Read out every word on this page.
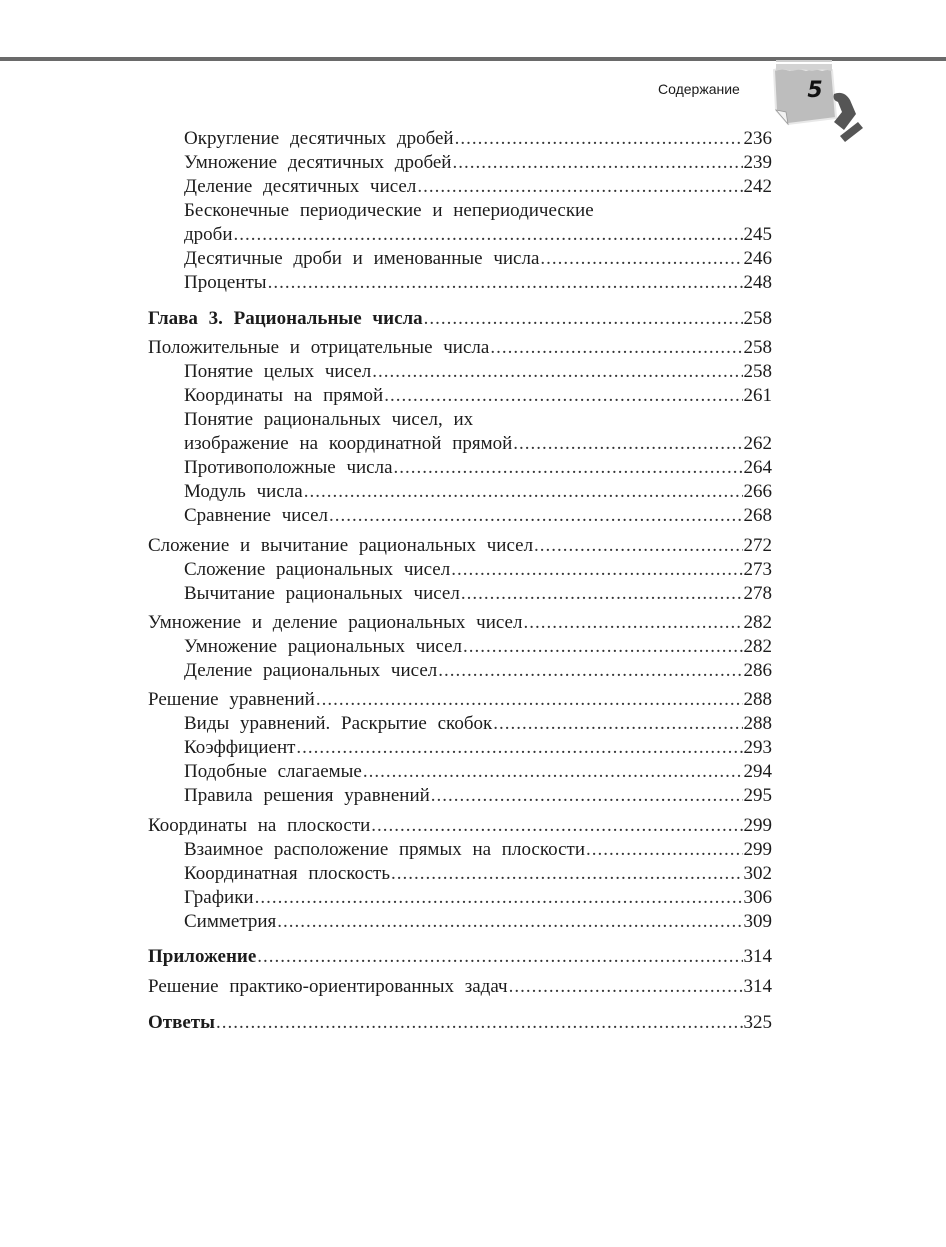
Содержание	5
Округление десятичных дробей .....	236
Умножение десятичных дробей .....	239
Деление десятичных чисел .....	242
Бесконечные периодические и непериодические
дроби .....	245
Десятичные дроби и именованные числа .....	246
Проценты .....	248
Глава 3. Рациональные числа .....	258
Положительные и отрицательные числа .....	258
Понятие целых чисел .....	258
Координаты на прямой .....	261
Понятие рациональных чисел, их
изображение на координатной прямой .....	262
Противоположные числа .....	264
Модуль числа .....	266
Сравнение чисел .....	268
Сложение и вычитание рациональных чисел .....	272
Сложение рациональных чисел .....	273
Вычитание рациональных чисел .....	278
Умножение и деление рациональных чисел .....	282
Умножение рациональных чисел .....	282
Деление рациональных чисел .....	286
Решение уравнений .....	288
Виды уравнений. Раскрытие скобок .....	288
Коэффициент .....	293
Подобные слагаемые .....	294
Правила решения уравнений .....	295
Координаты на плоскости .....	299
Взаимное расположение прямых на плоскости .....	299
Координатная плоскость .....	302
Графики .....	306
Симметрия .....	309
Приложение .....	314
Решение практико-ориентированных задач .....	314
Ответы .....	325
